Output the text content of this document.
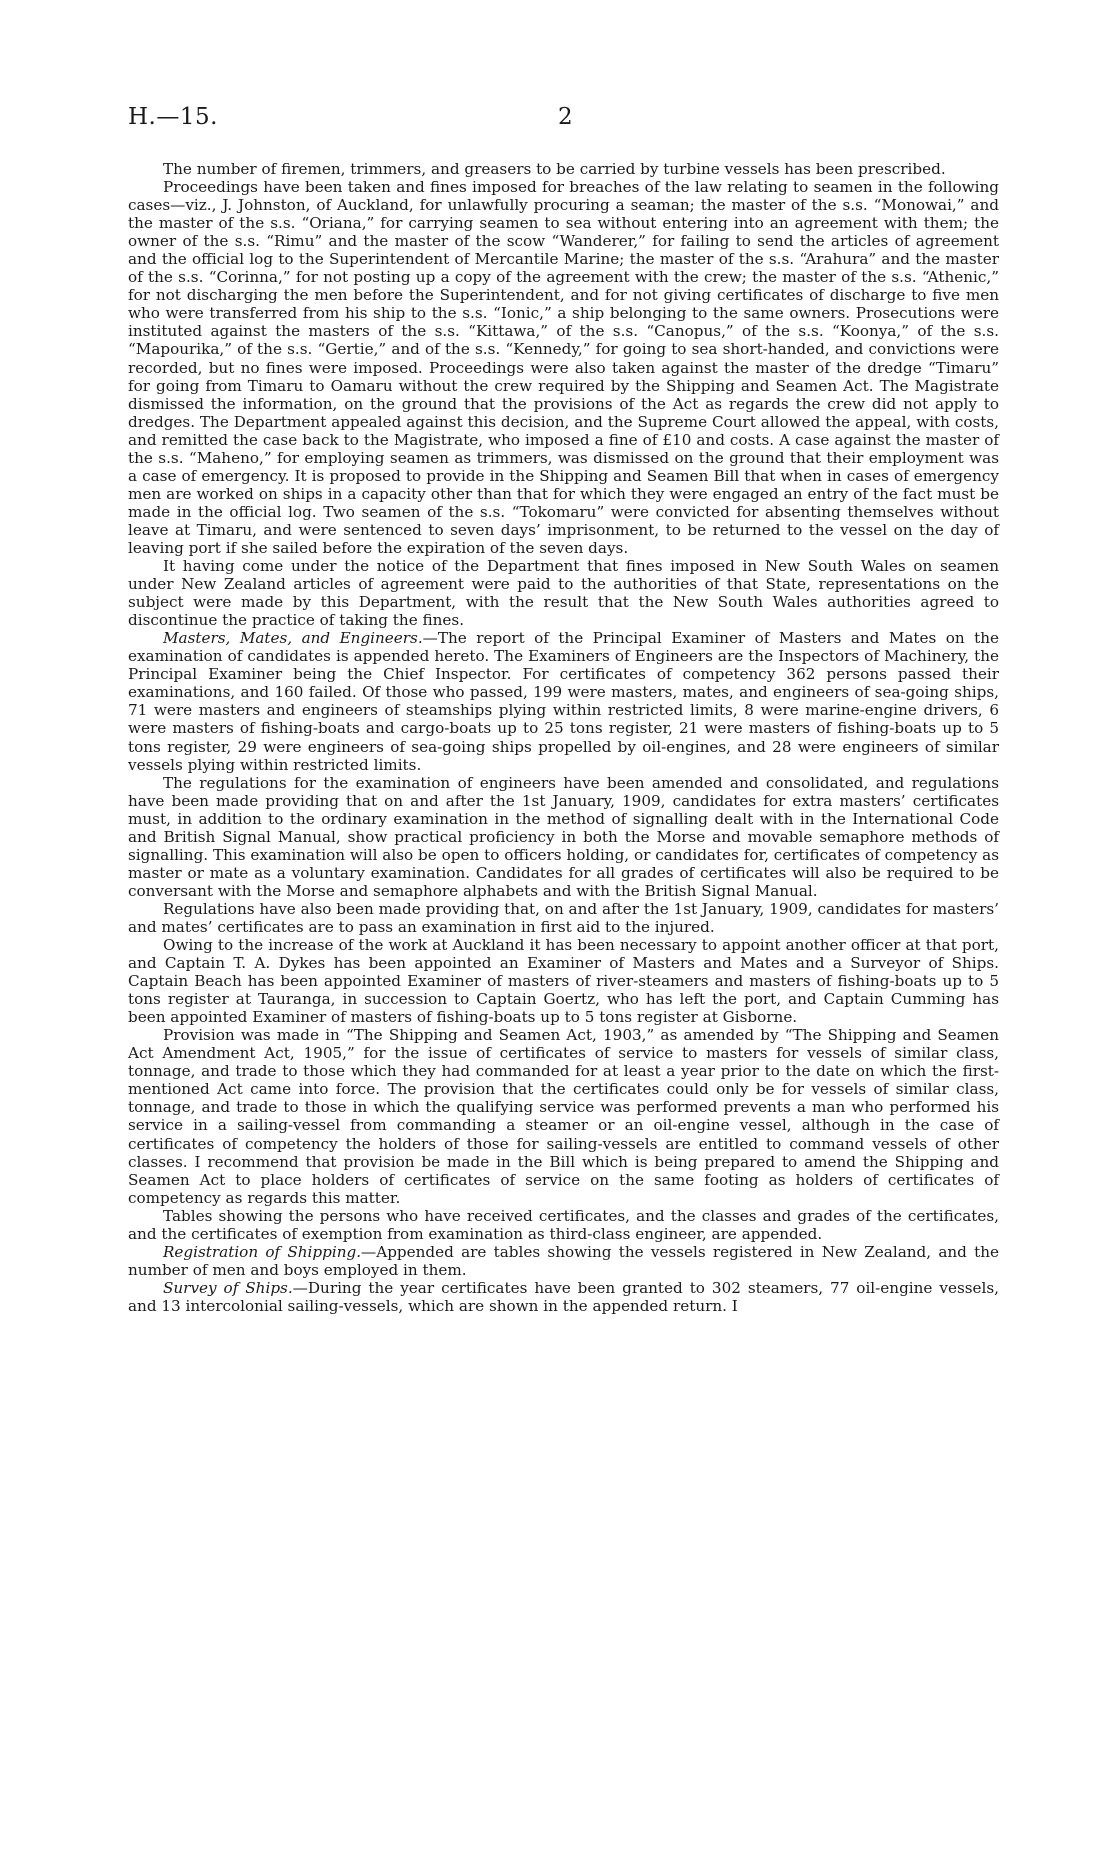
H.—15.	2

The number of firemen, trimmers, and greasers to be carried by turbine vessels has been prescribed.

Proceedings have been taken and fines imposed for breaches of the law relating to seamen in the following cases—viz., J. Johnston, of Auckland, for unlawfully procuring a seaman; the master of the s.s. “Monowai,” and the master of the s.s. “Oriana,” for carrying seamen to sea without entering into an agreement with them; the owner of the s.s. “Rimu” and the master of the scow “Wanderer,” for failing to send the articles of agreement and the official log to the Superintendent of Mercantile Marine; the master of the s.s. “Arahura” and the master of the s.s. “Corinna,” for not posting up a copy of the agreement with the crew; the master of the s.s. “Athenic,” for not discharging the men before the Superintendent, and for not giving certificates of discharge to five men who were transferred from his ship to the s.s. “Ionic,” a ship belonging to the same owners. Prosecutions were instituted against the masters of the s.s. “Kittawa,” of the s.s. “Canopus,” of the s.s. “Koonya,” of the s.s. “Mapourika,” of the s.s. “Gertie,” and of the s.s. “Kennedy,” for going to sea short-handed, and convictions were recorded, but no fines were imposed. Proceedings were also taken against the master of the dredge “Timaru” for going from Timaru to Oamaru without the crew required by the Shipping and Seamen Act. The Magistrate dismissed the information, on the ground that the provisions of the Act as regards the crew did not apply to dredges. The Department appealed against this decision, and the Supreme Court allowed the appeal, with costs, and remitted the case back to the Magistrate, who imposed a fine of £10 and costs. A case against the master of the s.s. “Maheno,” for employing seamen as trimmers, was dismissed on the ground that their employment was a case of emergency. It is proposed to provide in the Shipping and Seamen Bill that when in cases of emergency men are worked on ships in a capacity other than that for which they were engaged an entry of the fact must be made in the official log. Two seamen of the s.s. “Tokomaru” were convicted for absenting themselves without leave at Timaru, and were sentenced to seven days’ imprisonment, to be returned to the vessel on the day of leaving port if she sailed before the expiration of the seven days.

It having come under the notice of the Department that fines imposed in New South Wales on seamen under New Zealand articles of agreement were paid to the authorities of that State, representations on the subject were made by this Department, with the result that the New South Wales authorities agreed to discontinue the practice of taking the fines.

Masters, Mates, and Engineers.—The report of the Principal Examiner of Masters and Mates on the examination of candidates is appended hereto. The Examiners of Engineers are the Inspectors of Machinery, the Principal Examiner being the Chief Inspector. For certificates of competency 362 persons passed their examinations, and 160 failed. Of those who passed, 199 were masters, mates, and engineers of sea-going ships, 71 were masters and engineers of steamships plying within restricted limits, 8 were marine-engine drivers, 6 were masters of fishing-boats and cargo-boats up to 25 tons register, 21 were masters of fishing-boats up to 5 tons register, 29 were engineers of sea-going ships propelled by oil-engines, and 28 were engineers of similar vessels plying within restricted limits.

The regulations for the examination of engineers have been amended and consolidated, and regulations have been made providing that on and after the 1st January, 1909, candidates for extra masters’ certificates must, in addition to the ordinary examination in the method of signalling dealt with in the International Code and British Signal Manual, show practical proficiency in both the Morse and movable semaphore methods of signalling. This examination will also be open to officers holding, or candidates for, certificates of competency as master or mate as a voluntary examination. Candidates for all grades of certificates will also be required to be conversant with the Morse and semaphore alphabets and with the British Signal Manual.

Regulations have also been made providing that, on and after the 1st January, 1909, candidates for masters’ and mates’ certificates are to pass an examination in first aid to the injured.

Owing to the increase of the work at Auckland it has been necessary to appoint another officer at that port, and Captain T. A. Dykes has been appointed an Examiner of Masters and Mates and a Surveyor of Ships. Captain Beach has been appointed Examiner of masters of river-steamers and masters of fishing-boats up to 5 tons register at Tauranga, in succession to Captain Goertz, who has left the port, and Captain Cumming has been appointed Examiner of masters of fishing-boats up to 5 tons register at Gisborne.

Provision was made in “The Shipping and Seamen Act, 1903,” as amended by “The Shipping and Seamen Act Amendment Act, 1905,” for the issue of certificates of service to masters for vessels of similar class, tonnage, and trade to those which they had commanded for at least a year prior to the date on which the first-mentioned Act came into force. The provision that the certificates could only be for vessels of similar class, tonnage, and trade to those in which the qualifying service was performed prevents a man who performed his service in a sailing-vessel from commanding a steamer or an oil-engine vessel, although in the case of certificates of competency the holders of those for sailing-vessels are entitled to command vessels of other classes. I recommend that provision be made in the Bill which is being prepared to amend the Shipping and Seamen Act to place holders of certificates of service on the same footing as holders of certificates of competency as regards this matter.

Tables showing the persons who have received certificates, and the classes and grades of the certificates, and the certificates of exemption from examination as third-class engineer, are appended.

Registration of Shipping.—Appended are tables showing the vessels registered in New Zealand, and the number of men and boys employed in them.

Survey of Ships.—During the year certificates have been granted to 302 steamers, 77 oil-engine vessels, and 13 intercolonial sailing-vessels, which are shown in the appended return. I
